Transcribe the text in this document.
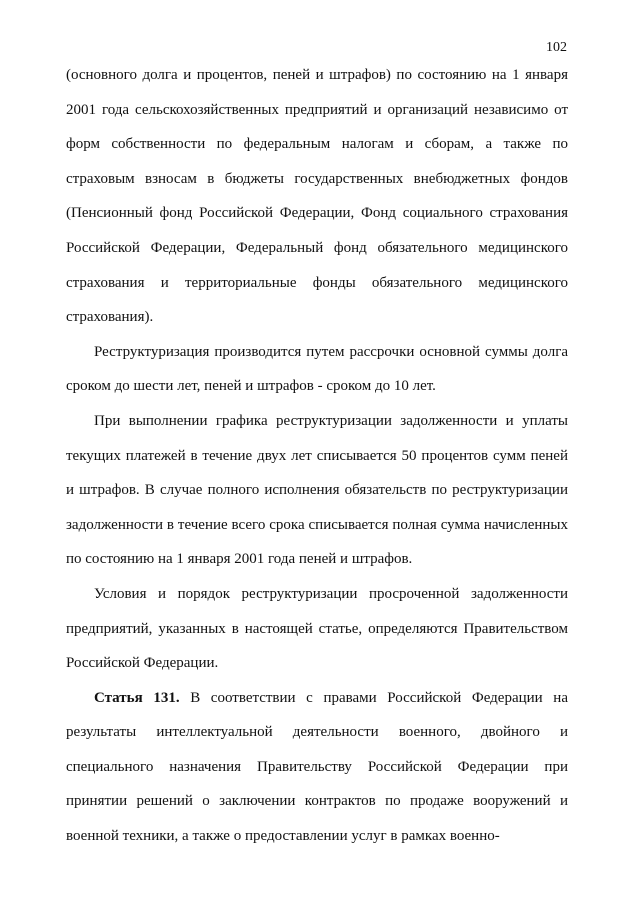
102

(основного долга и процентов, пеней и штрафов) по состоянию на 1 января 2001 года сельскохозяйственных предприятий и организаций независимо от форм собственности по федеральным налогам и сборам, а также по страховым взносам в бюджеты государственных внебюджетных фондов (Пенсионный фонд Российской Федерации, Фонд социального страхования Российской Федерации, Федеральный фонд обязательного медицинского страхования и территориальные фонды обязательного медицинского страхования).

Реструктуризация производится путем рассрочки основной суммы долга сроком до шести лет, пеней и штрафов - сроком до 10 лет.

При выполнении графика реструктуризации задолженности и уплаты текущих платежей в течение двух лет списывается 50 процентов сумм пеней и штрафов. В случае полного исполнения обязательств по реструктуризации задолженности в течение всего срока списывается полная сумма начисленных по состоянию на 1 января 2001 года пеней и штрафов.

Условия и порядок реструктуризации просроченной задолженности предприятий, указанных в настоящей статье, определяются Правительством Российской Федерации.

Статья 131. В соответствии с правами Российской Федерации на результаты интеллектуальной деятельности военного, двойного и специального назначения Правительству Российской Федерации при принятии решений о заключении контрактов по продаже вооружений и военной техники, а также о предоставлении услуг в рамках военно-
